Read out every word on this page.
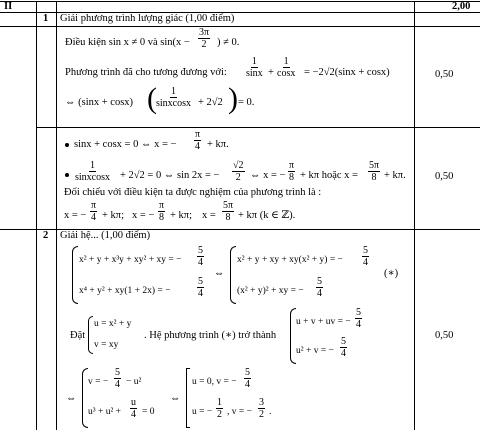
II	2,00
1 Giải phương trình lượng giác (1,00 điểm)
Điều kiện sin x ≠ 0 và $\sin(x - \frac{3\pi}{2}$ ) ≠ 0.
Phương trình đã cho tương đương với: $\frac{1}{\sin x} + \frac{1}{\cos x} = -2√2(\sin x + \cos x)$
⇔ (sinx + cosx) (
$\frac{1}{\text{sinxcosx}} + 2√2$ ) = 0.
0,50
sinx + cosx = 0 ⇔ x = − $\frac{\pi}{4} + k\pi$.
$\frac{1}{\text{sinxcosx}} + 2√2 = 0$ ⇔ sin 2x = − $\frac{√2}{2}$ ⇔ x = − $\frac{\pi}{8} + k\pi$ hoặc $x = \frac{5\pi}{8} + k\pi$.
Đối chiếu với điều kiện ta được nghiệm của phương trình là :
x = − $\frac{\pi}{4} + k\pi$; x = − $\frac{\pi}{8} + k\pi$; $x = \frac{5\pi}{8} + k\pi$ (k ∈ ℤ).
0,50
2 Giải hệ... (1,00 điểm)
x² + y + x³y + xy² + xy = − $\frac{5}{4}$
x⁴ + y² + xy(1 + 2x) = −	$\frac{5}{4}$
⇔
x² + y + xy + xy(x² + y) = − $\frac{5}{4}$
(x² + y)² + xy = − $\frac{5}{4}$
(∗)
Đặt
u = x² + y
v = xy
. Hệ phương trình (∗) trở thành
u + v + uv = − $\frac{5}{4}$
u² + v = − $\frac{5}{4}$
0,50
⇔
v = − $\frac{5}{4} - u^2$
$u^3 + u^2 + \frac{u}{4} = 0$
⇔
u = 0, v = − $\frac{5}{4}$
u = − $\frac{1}{2}$ , v = − $\frac{3}{2}$ .
